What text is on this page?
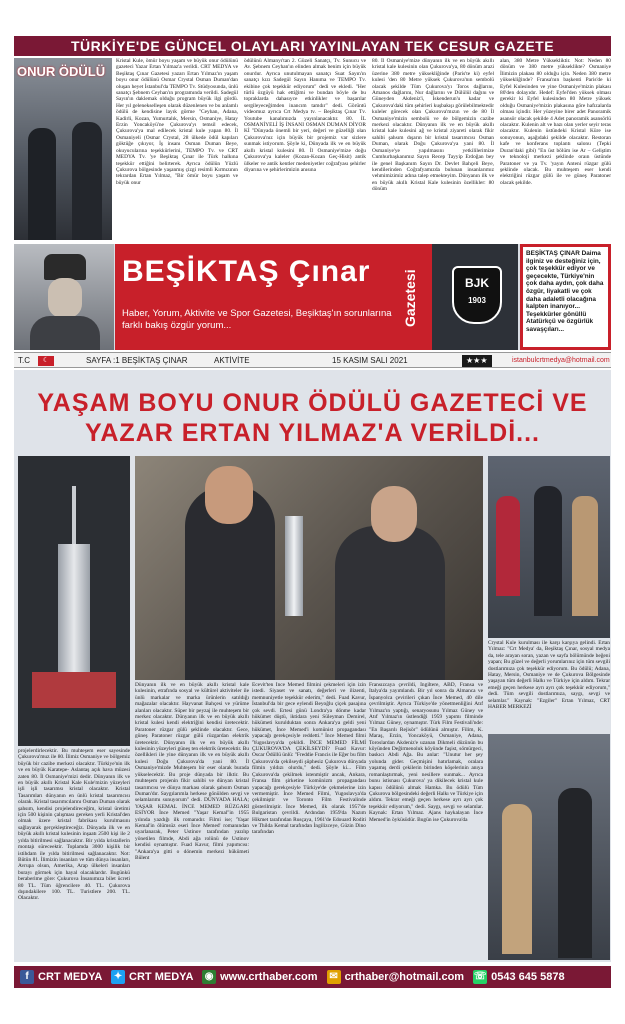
TÜRKİYE'DE GÜNCEL OLAYLARI YAYINLAYAN TEK CESUR GAZETE
ONUR ÖDÜLÜ
Kristal Kule, ömür boyu yaşam ve büyük onur ödülünü gazeteci Yazar Ertan Yılmaz'a verildi. CRT MEDYA ve Beşiktaş Çınar Gazetesi yazarı Ertan Yılmaz'ın yaşam boyu onur ödülünü Osmar Crystal Osman Duman'dan oluşan heyet İstanbul'da TEMPO Tv. Stüdyosunda, ünlü sanatçı Şebnem Ceyhan'ın programında verildi. Sadegül Sayın'ın daklemak olduğu program büyük ilgi gördü. Her yıl gelenekselleşen olarak düzenlenen ve bu anlamlı ödülü de kendisine layık görme "Ceyhan, Adana, Kadirli, Kozan, Yumurtalık, Mersin, Osmaniye, Hatay Erzin Yoncaköyü'ne Çukurova'yı temsil edecek, Çukurova'ya mal edilecek kristal kule yapan 80. İl Osmaniyeli (Osmar Crystal, 28 ülkede ödül kapıları göktüğe çıkıyor, İş insanı Osman Duman Beye, okuyucularına teşekkürlerini, TEMPO Tv. ve CRT MEDYA Tv. 'ye Beşiktaş Çınar ile Türk halkına teşekkür ettiğini belirterek. Ayrıca ödülün Yüzlü Çukurova bölgesinde yaşanmış çizgi resimli Kırmızının tekrardan Ertan Yılmaz, "Bir ömür boyu yaşam ve büyük onur
ödülünü Almanyı'tan 2. Güzeli Sanatçı, Tv. Sunucu ve Av. Şebnem Ceyhan'ın elinden almak benim için büyük onurdur. Ayrıca unutulmayan sanatçı Suat Sayın'ın sanatçı kızı Sadegül Sayın Hanıma ve TEMPO Tv. ekibine çok teşekkür ediyorum" dedi ve ekledi. "Her türlü özgüyü hak ettiğimi ve bundan böyle de bu topraklarda dahasıyce etkinlikler ve başarılar sergileyeceğimden inancım tamdır" dedi. Görüntü videomuz ayrıca Crt Medya tv. – Beşiktaş Çınar Tv. Youtube kanalımızda yayınlanacaktır. 80. İL OSMANİYELİ İŞ İNSANI OSMAN DUMAN DİYOR Kİ "Dünyada önemli bir yeri, değeri ve güzelliği olan Çukurova'nız için büyük bir projemiz var sizlere sunmak istiyorum. Şöyle ki, Dünyada ilk ve en büyük akıllı kristal kulesini 80. İl Osmaniye'mize doğu Çukurova'ya kaleler (Kozan-Kozan Geç-Hisit) antik ülkeler ve antik kentler medeniyetler coğrafyası şehirler diyarına ve şehirlerimizin anısına
80. İl Osmaniye'mize dünyanın ilk ve en büyük akıllı kristal kale kulesinin olan Çukurova'ya, 80 dönüm arazi üzerine 380 metre yüksekliğinde (Paris'te ki) eyfel kulesi 'den 80 Metre yüksek Çukurova'nın sembolü olacak şekilde Tüm Çukurova'yı Toros dağlarını, Amanos dağlarını, Nur dağlarını ve Dülülül dağını ve Güneyden Akdeniz'i, İskenderun'u kadar ve Çukurova'daki tüm şehirleri kuşbakışı görülebilmektedir kuleler görecek olan Çukurova'mızın ve de 80 İl Osmaniye'mizin sembolü ve de bölgemizin cazibe merkezi olacaktır. Dünyanın ilk ve en büyük akıllı kristal kale kulesini ağ ve kristal ziyareti olarak fikir sahibi şahsım dışarın bir kristal tasarımcısı Osman Duman, olarak Doğu Çukurova'ya yani 80. İl Osmaniye'ye yapılmasını yetkililerimize Cumhurbaşkanımız Sayın Recep Tayyip Erdoğan bey ile genel Başkanım Sayın Dr. Devlet Bahçeli Beye, kendilerinden Coğrafyamızda bulunan insanlarımız vehmimizimiz adına talep etmekteyim. Dünyanın ilk ve en büyük akıllı Kristal Kale kulesinin özellikler: 80 dönüm
alan, 380 Metre Yüksekliktir. Not: Neden 80 dönüm ve 380 metre yükseklikte? Osmaniye İlimizin plakası 80 olduğu için. Neden 380 metre yüksekliğinde? Fransa'nın başkenti Paris'de ki Eyfel Kulesinden ve yine Osmaniye'mizin plakası 80'den dolayıdır. Hedef: Eyfel'den yüksek olması gerekir ki Eyfel kulesinden 80 Metre yüksek olduğu Osmaniye'mizin plakasına göre hafızalarda olması içindir. Her yüzeyine birer adet Panoramik asansör olacak şekilde 4 Adet panoramik asansörlü olacaktır. Kulenin alt ve bazı olan yerler seyir teras olacaktır. Kulenin üstündeki Kristal Küre ise sonuyonun, aşağıdaki şekilde olacaktır. Restoran kafe ve konferans toplantı salonu (Tepki Duran'daki gibi) "En üst bölüm ise Ar – Geliştim ve teknoloji merkezi şeklinde oraın üstünde Paratoner ve ya Tv. 'yayın Anteni rüzgar gülü şeklinde olacak. Bu muhteşem eser kendi elektriğini rüzgar gülü ile ve güneş Paratoner olacak şekilde.
BEŞİKTAŞ Çınar
Haber, Yorum, Aktivite ve Spor Gazetesi, Beşiktaş'ın sorunlarına farklı bakış özgür yorum...	Gazetesi	BJK
1903
BEŞİKTAŞ ÇINAR Daima ilginiz ve desteğiniz için, çok teşekkür ediyor ve geçecekte, Türkiye'nin çok daha aydın, çok daha özgür, liyakatli ve çok daha adaletli olacağına kalpten inanıyor... Teşekkürler gönüllü Atatürkçü ve özgürlük savaşçıları...
T.C	☾	SAYFA :1 BEŞİKTAŞ ÇINAR	AKTİVİTE	15 KASIM SALI 2021	★★★	istanbulcrtmedya@hotmail.com
YAŞAM BOYU ONUR ÖDÜLÜ GAZETECİ VE YAZAR ERTAN YILMAZ'A VERİLDİ...
projelerdirlecektir. Bu muhteşem eser sayesinde Çukurova'muz ile 80. İlimiz Osmaniye ve bölgemiz büyük bir cazibe merkezi olacaktır. Türkiye'nin ilk ve en büyük Karatepe- Aslantaş açık hava müzesi zaten 80. İl Osmaniye'mizi dedir. Dünyanın ilk ve en büyük akıllı Kristal Kale Kule'mizin yüzeyleri işli işli tasarımsı kristal olacaktır. Kristal Tasarımları dünyanın en ünlü kristal tasarımcısı olarak. Kristal tasarımcılarını Osman Duman olarak şahsım, kendisi projelendireceğim, kristal üretimi için 500 kişinin çalışması gereken yerli Kristal'den olmak üzere kristal fabrikası kurulmasını sağlayarak gerçekleştireceğiz. Dünyada ilk ve en büyük akıllı kristal kulesinin inşaatı 2500 kişi ile 2 yılda bitirilmesi sağlanacaktır. Bir yılda kristallerin montajı süreceektir. Toplamda 3000 kişilik bir istihdam ile yılda bitirilmesi sağlanacaktır. Not: Bütün 81. İlimizin insanları ve tüm dünya insanları, Avrupa olsun, Amerika, Arap ülkeleri insanları burayı görmek için hayal olacaklardır. Bugünkü beraberime göre: Çukurova İnsanımıza bilet ücreti 80 TL. Tüm öğrencilere 40. TL. Çukurova dışındakilere 100. TL. Turistlere 200. TL. Olacaktır.
Dünyanın ilk ve en büyük akıllı kristal kale kulesinin, etrafında sosyal ve kültürel aktiviteler ile ünlü markalar ve marka ürünlerin satıldığı mağazalar olacaktır. Hayvanat Bahçesi ve yürüme alanları olacaktır. Süper bir peyzaj ile muhteşem bir merkez olacaktır. Dünyanın ilk ve en büyük akıllı kristal kulesi kendi elektriğini kendisi üretecektir. Paratoner rüzgar gülü şeklinde olacaktır. Gece, güneş Paratoner rüzgar gülü rüzgardan elektrik üretecektir. Dünyanın ilk ve en büyük akıllı kulesinin yüzeyleri güneş ten elektrik üretecektir. Bu özellikleri ile yine dünyanın ilk ve en büyük akıllı kulesi Doğu Çukurova'da yani 80. İl Osmaniye'mizde Muhteşem bir eser olarak burada yükselecektir. Bu proje dünyada bir ilktir. Bu muhteşem projenin fikir sahibi ve dünyan kristal tasarımcısı ve dünya markası olarak şahsım Osman Duman'dır. Saygılarımla herkese gönülden sevgi ve selamlarımı sunuyorum" dedi. DÜNYADA HALA; YAŞAR KEMAL İNCE MEMED RÜZGARI ESİYOR İnce Memed "Yaşar Kemal"in 1955 yılında yazdığı ilk romanıdır. Filmi ise; 'Yaşar Kemal'in ölümsüz eseri İnce Memed' romanından uyarlanarak, Peter Ustinov tarafından yazılıp yönetilen filmde, Abdi ağa rolünü de Ustinov kendisi oynamıştır. Fuad Kavur, filmi yapımcısı: "Ankara'ya gitti o dönemin merkezi hükümeti Bülent
Ecevit'ten İnce Memed filmini çekmeleri için izin istedi. Siyaset ve sanatı, değerleri ve ilizenti, memnuniyetle teşekkür ederim," dedi. Fuad Kavur, İstanbul'da bir gece eylendi Beyoğlu çiçek pasajına çok sevdi. Ertesi günü Londra'ya dönme kadar hükümet düştü, iktidara yeni Süleyman Demirel, hükümeti kurulduktan sonra Ankara'ya geldi yeni hükümet, İnce Memed'i komünist propagandası yapacağı gerekçesiyle reddetti." İnce Memed filmi 'Yugoslavya'da çekildi. İNCE MEMED FİLMİ ÇUKUROVA'DA ÇEKİLSEYDİ? Fuad Kavur: Oscar Ödüllü ünlü: "Freddie Francis ile Eğer bu film Çukurova'da çekilseydi şüphesiz Çukurova dünyada filmin yıldızı olurdu," dedi. Şöyle ki... Film Çukurova'da çekilmek istenmiştir ancak, Ankara, Fransa film şirketine komünizm propagandası yapacağı gerekçesiyle Türkiye'de çekmelerine izin vermemiştir. İnce Memed Filmi, Yugoslavya'da çekilmiştir ve Toronto Film Festivalinde gösterilmiştir. İnce Memed, ilk olarak 1957'de Bulgaristan çevrildi. Ardından 1959'da Nazım Hikmet tarafından Rusçaya, 1961'de Edouard Roditi ve Thilda Kemal tarafından İngilizceye, Güzin Dino tarafından
Fransızcaya çevrildi, İngiltere, ABD, Fransa ve Italya'da yayımlandı. Bir yıl sonra da Almanca ve İspanyolca çevirileri çıkan İnce Memed, 40 dile çevrilmiştir. Ayrıca Türkiye'de yönetmenliğini Atıf Yılmaz'ın yaptığı, senaryosunu Yılmaz Güney ve Atıf Yılmaz'ın üstlendiği 1959 yapımı filminde Yılmaz Güney, oynamıştır. Türk Film Festivali'nde: "En Başarılı Rejisör" ödülünü almıştır. Filim, K. Maraş, Erzin, Yoncaköyü, Osmaniye, Adana, Toroslardan Akdeniz'e uzanan Dikmeli düzünün bu köyünden Değirmenoluk köyünde faşist, sömürgeci, baskıcı Abdi Ağa. Bu anlar: "Unutur her şey yolunda gider. Geçmişini hatırlamak, oralara yaşamış derdi çekilerin birinden köşelerinin anıya romanlaştırmak, yeni nesillere sunmak... Ayrıca bunu istisnası Çukurova' ya dikilecek kristal kule kapısı ödülünü almak Hamka. Bu ödülü Tüm Çukurova bölgesindeki değerli Halkı ve Türkiye için aldım. Tekrar emeği geçen herkese ayrı ayrı çok teşekkür ediyorum," dedi. Saygı, sevgi ve selamlar. Kaynak: Ertan Yılmaz. Ajans haykalayan İnce Memed'in öyküsüdür. Bugün ise Çukurova'da
Crystal Kule kurulması ile karşı karşıya gelindi. Ertan Yılmaz: "Crt Medya' da, Beşiktaş Çınar, sosyal medya da, tele arayan soran, yazan ve sayfa bölümünde beğeni yapan; Bu güzel ve değerli yorumlarınız için tüm sevgili dostlarımıza çok teşekkür ediyorum. Bu ödülü; Adana, Hatay, Mersin, Osmaniye ve de Çukurova Bölgesinde yaşayan tüm değerli Halkı ve Türkiye için aldım. Tekrar emeği geçen herkese ayrı ayrı çok teşekkür ediyorum," dedi. Tüm sevgili dostlarımıza, saygı, sevgi ve selamlar." Kaynak: "Ezgiler" Ertan Yılmaz, CRT HABER MERKEZİ
f CRT MEDYA ✦ CRT MEDYA ◉ www.crthaber.com ✉ crthaber@hotmail.com ☏ 0543 645 5878
